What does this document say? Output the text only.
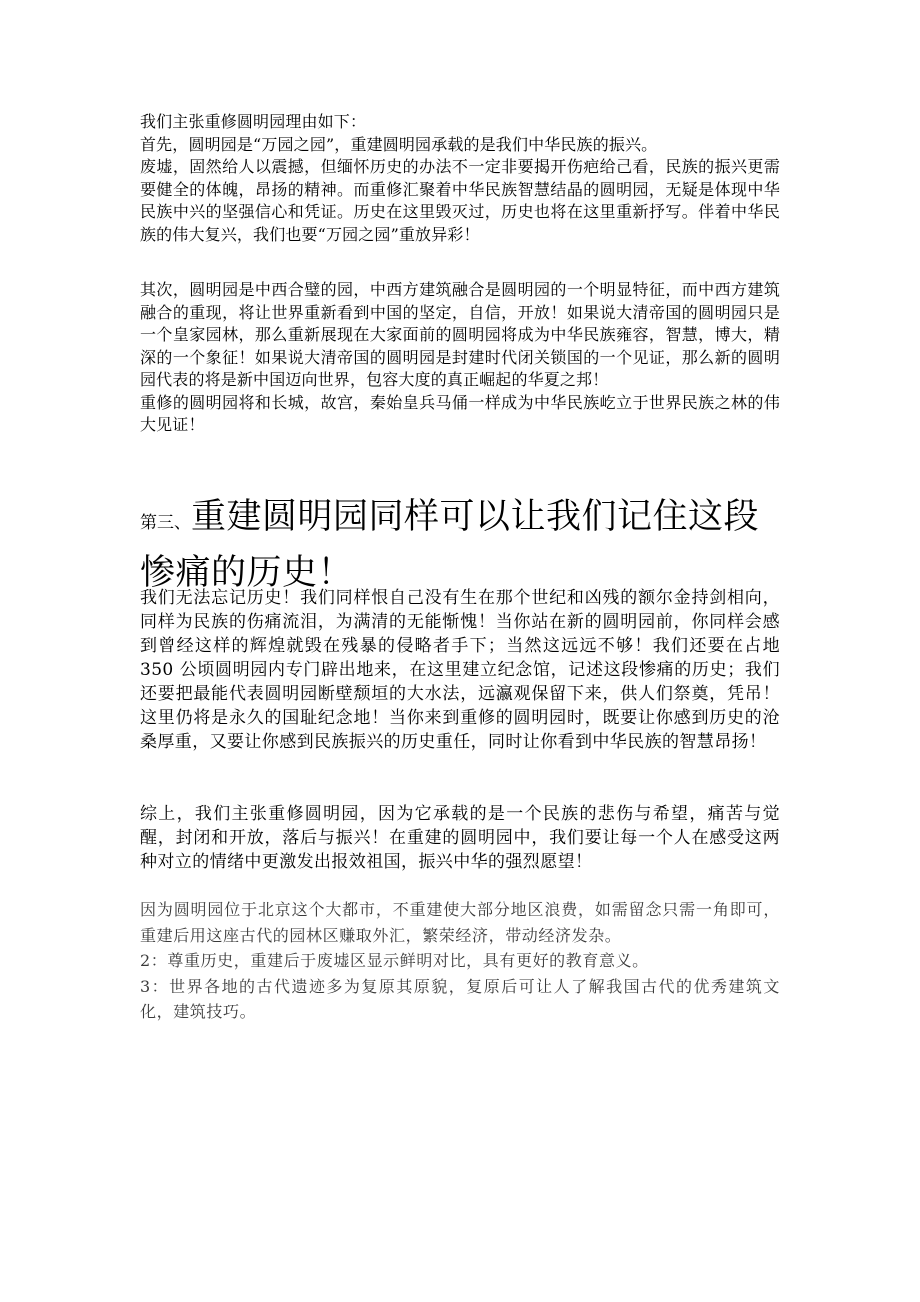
我们主张重修圆明园理由如下：

首先，圆明园是“万园之园”，重建圆明园承载的是我们中华民族的振兴。

废墟，固然给人以震撼，但缅怀历史的办法不一定非要揭开伤疤给己看，民族的振兴更需要健全的体魄，昂扬的精神。而重修汇聚着中华民族智慧结晶的圆明园，无疑是体现中华民族中兴的坚强信心和凭证。历史在这里毁灭过，历史也将在这里重新抒写。伴着中华民族的伟大复兴，我们也要“万园之园”重放异彩！

其次，圆明园是中西合璧的园，中西方建筑融合是圆明园的一个明显特征，而中西方建筑融合的重现，将让世界重新看到中国的坚定，自信，开放！如果说大清帝国的圆明园只是一个皇家园林，那么重新展现在大家面前的圆明园将成为中华民族雍容，智慧，博大，精深的一个象征！如果说大清帝国的圆明园是封建时代闭关锁国的一个见证，那么新的圆明园代表的将是新中国迈向世界，包容大度的真正崛起的华夏之邦！

重修的圆明园将和长城，故宫，秦始皇兵马俑一样成为中华民族屹立于世界民族之林的伟大见证！

第三、重建圆明园同样可以让我们记住这段惨痛的历史！

我们无法忘记历史！我们同样恨自己没有生在那个世纪和凶残的额尔金持剑相向，同样为民族的伤痛流泪，为满清的无能惭愧！当你站在新的圆明园前，你同样会感到曾经这样的辉煌就毁在残暴的侵略者手下；当然这远远不够！我们还要在占地 350 公顷圆明园内专门辟出地来，在这里建立纪念馆，记述这段惨痛的历史；我们还要把最能代表圆明园断壁颓垣的大水法，远瀛观保留下来，供人们祭奠，凭吊！这里仍将是永久的国耻纪念地！当你来到重修的圆明园时，既要让你感到历史的沧桑厚重，又要让你感到民族振兴的历史重任，同时让你看到中华民族的智慧昂扬！

综上，我们主张重修圆明园，因为它承载的是一个民族的悲伤与希望，痛苦与觉醒，封闭和开放，落后与振兴！在重建的圆明园中，我们要让每一个人在感受这两种对立的情绪中更激发出报效祖国，振兴中华的强烈愿望！

因为圆明园位于北京这个大都市，不重建使大部分地区浪费，如需留念只需一角即可，重建后用这座古代的园林区赚取外汇，繁荣经济，带动经济发杂。

2：尊重历史，重建后于废墟区显示鲜明对比，具有更好的教育意义。

3：世界各地的古代遗迹多为复原其原貌，复原后可让人了解我国古代的优秀建筑文化，建筑技巧。
